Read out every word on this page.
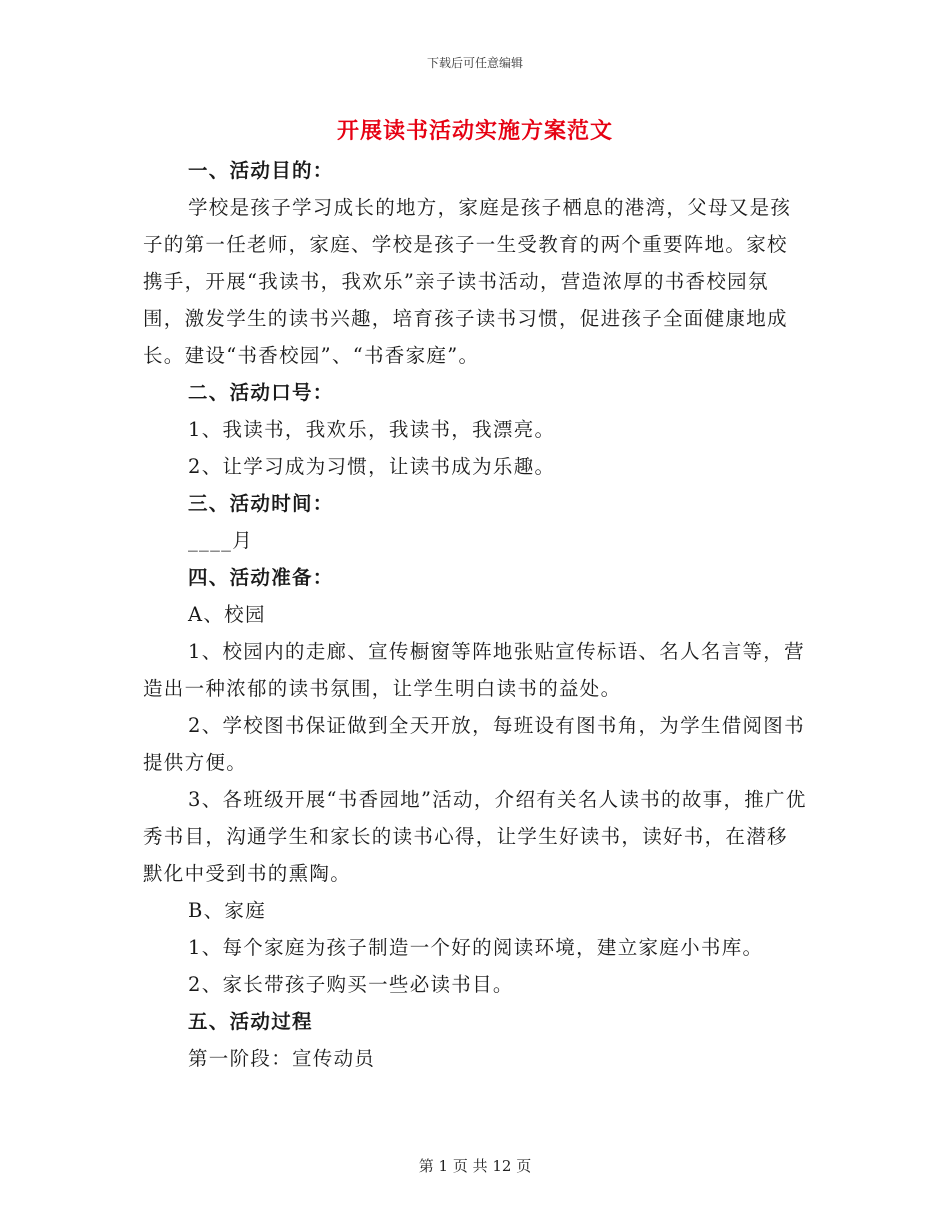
下载后可任意编辑
开展读书活动实施方案范文

一、活动目的：

学校是孩子学习成长的地方，家庭是孩子栖息的港湾，父母又是孩子的第一任老师，家庭、学校是孩子一生受教育的两个重要阵地。家校携手，开展“我读书，我欢乐”亲子读书活动，营造浓厚的书香校园氛围，激发学生的读书兴趣，培育孩子读书习惯，促进孩子全面健康地成长。建设“书香校园”、“书香家庭”。

二、活动口号：

1、我读书，我欢乐，我读书，我漂亮。

2、让学习成为习惯，让读书成为乐趣。

三、活动时间：

____月

四、活动准备：

A、校园

1、校园内的走廊、宣传橱窗等阵地张贴宣传标语、名人名言等，营造出一种浓郁的读书氛围，让学生明白读书的益处。

2、学校图书保证做到全天开放，每班设有图书角，为学生借阅图书提供方便。

3、各班级开展“书香园地”活动，介绍有关名人读书的故事，推广优秀书目，沟通学生和家长的读书心得，让学生好读书，读好书，在潜移默化中受到书的熏陶。

B、家庭

1、每个家庭为孩子制造一个好的阅读环境，建立家庭小书库。

2、家长带孩子购买一些必读书目。

五、活动过程

第一阶段：宣传动员

第 1 页 共 12 页
